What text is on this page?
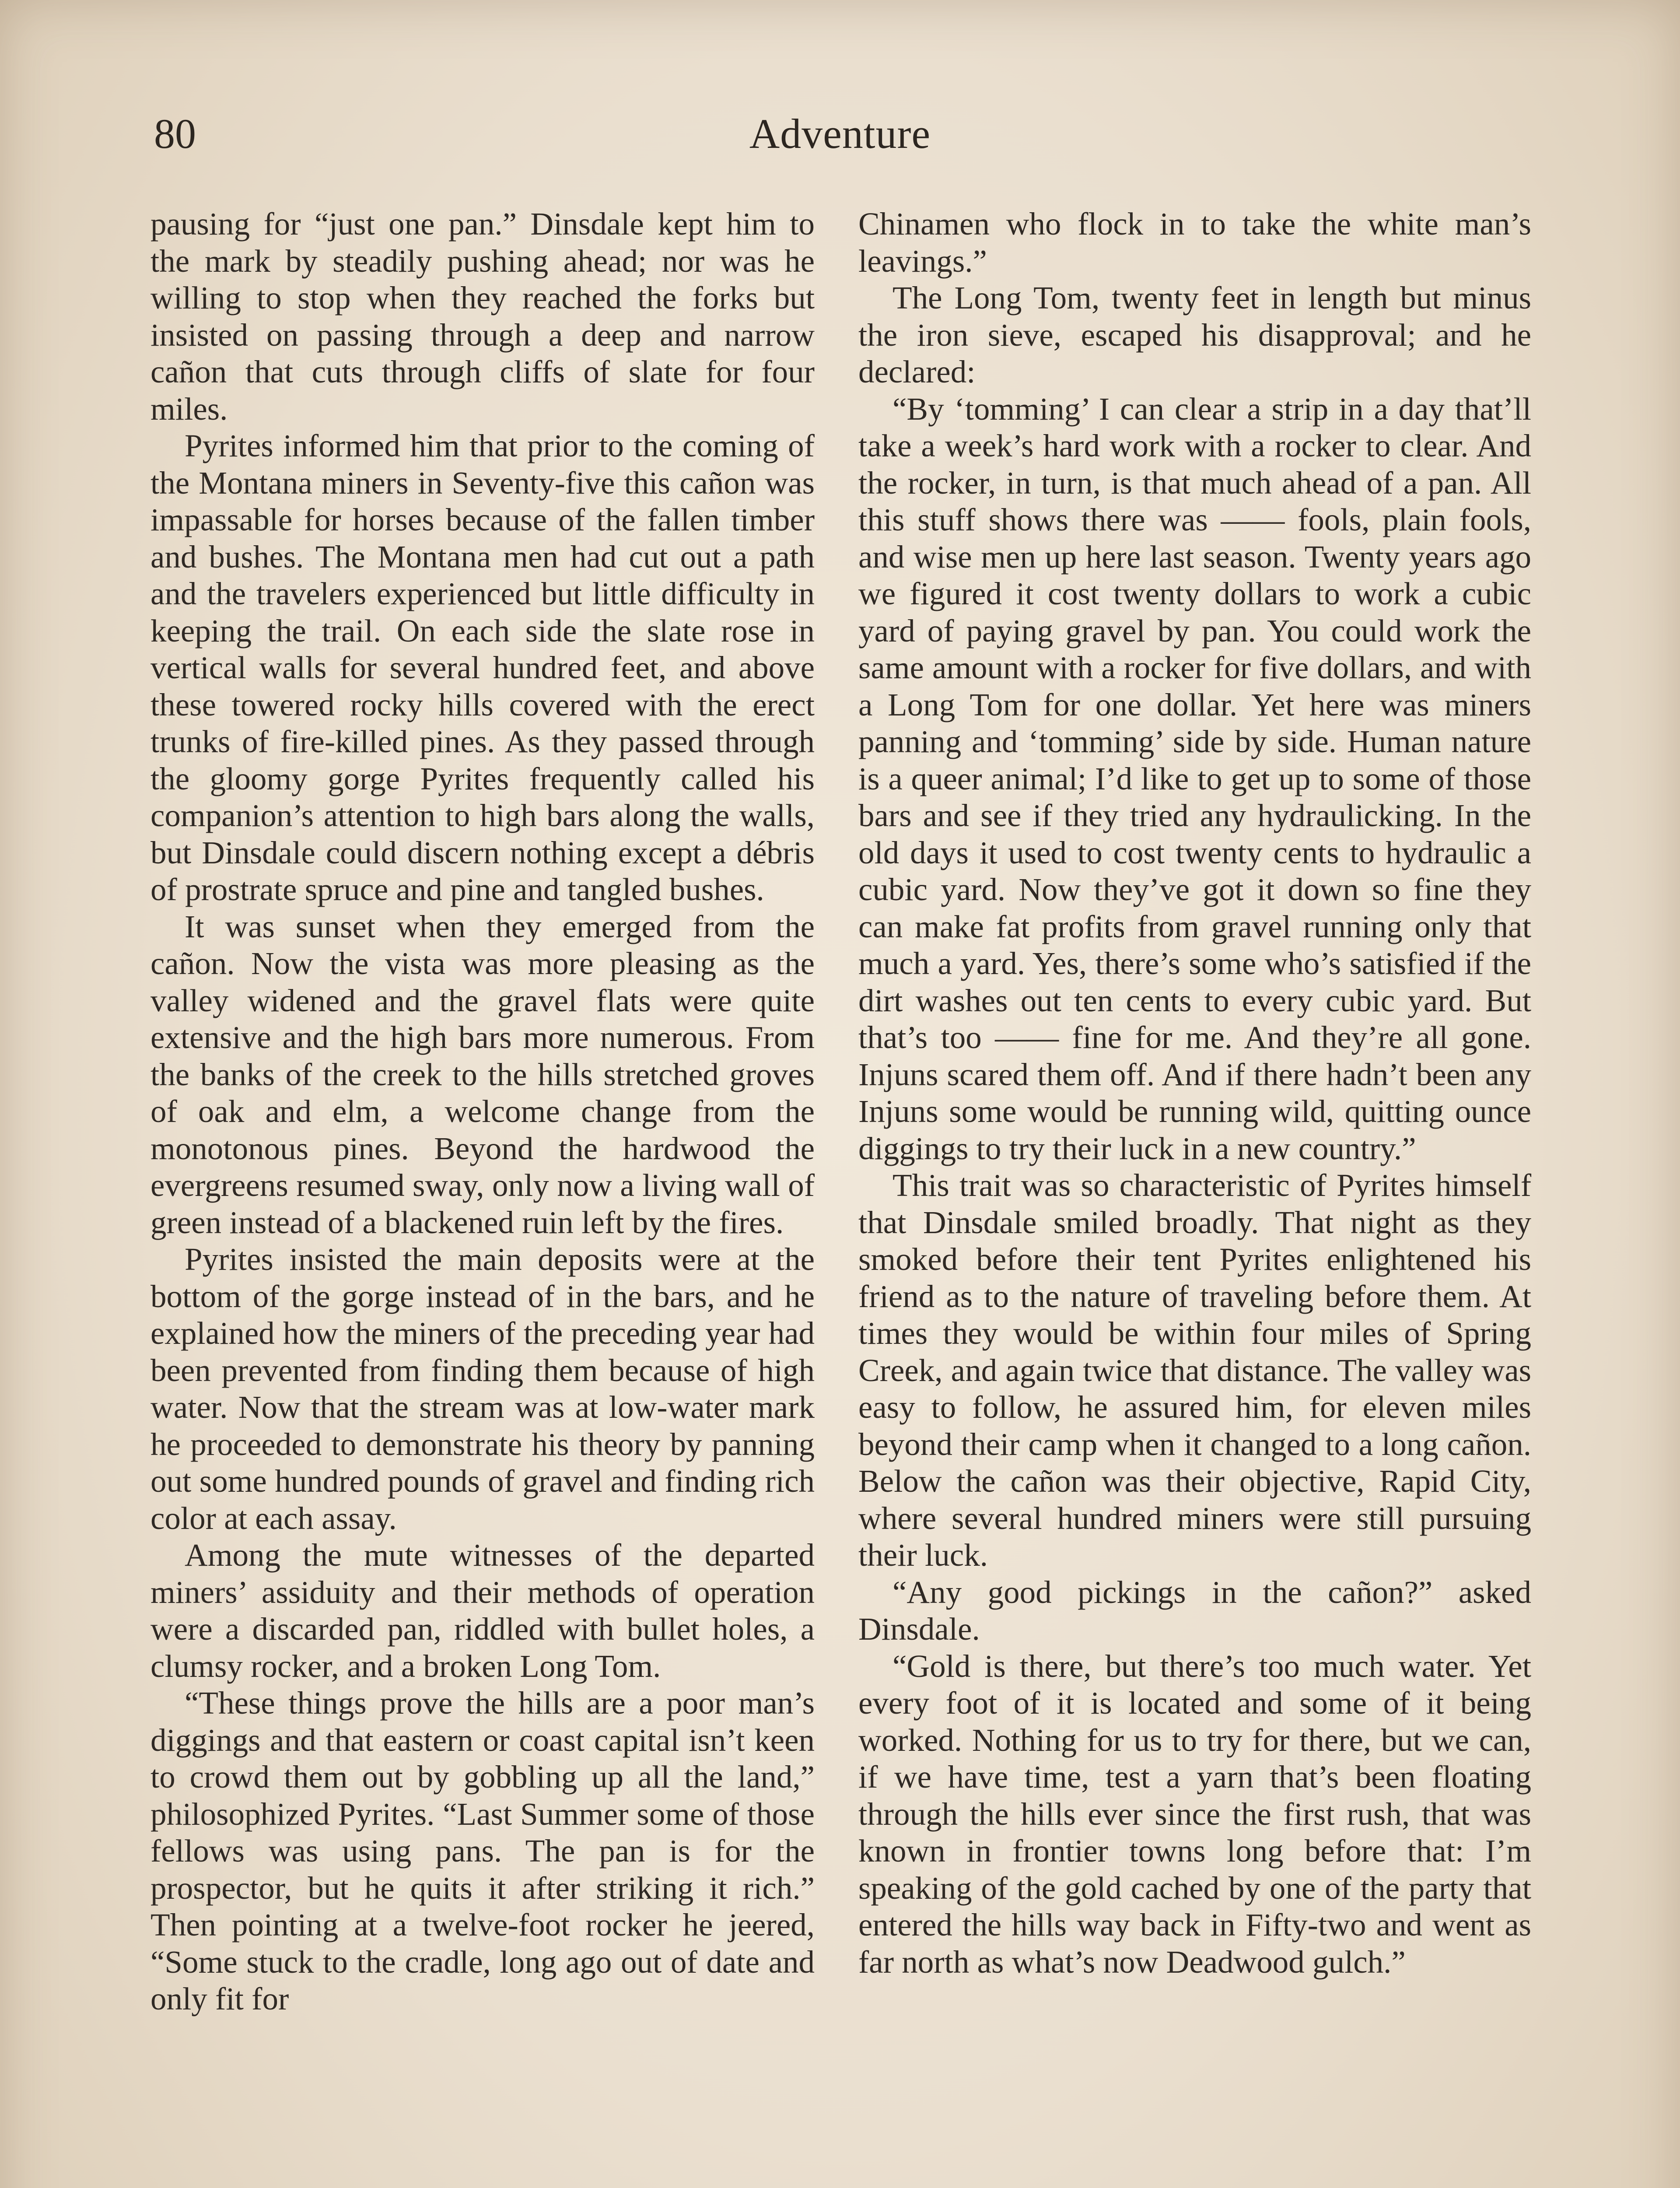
80	Adventure

pausing for “just one pan.” Dinsdale kept him to the mark by steadily pushing ahead; nor was he willing to stop when they reached the forks but insisted on passing through a deep and narrow cañon that cuts through cliffs of slate for four miles.

Pyrites informed him that prior to the coming of the Montana miners in Seventy-five this cañon was impassable for horses because of the fallen timber and bushes. The Montana men had cut out a path and the travelers experienced but little difficulty in keeping the trail. On each side the slate rose in vertical walls for several hundred feet, and above these towered rocky hills covered with the erect trunks of fire-killed pines. As they passed through the gloomy gorge Pyrites frequently called his companion’s attention to high bars along the walls, but Dinsdale could discern nothing except a débris of prostrate spruce and pine and tangled bushes.

It was sunset when they emerged from the cañon. Now the vista was more pleasing as the valley widened and the gravel flats were quite extensive and the high bars more numerous. From the banks of the creek to the hills stretched groves of oak and elm, a welcome change from the monotonous pines. Beyond the hardwood the evergreens resumed sway, only now a living wall of green instead of a blackened ruin left by the fires.

Pyrites insisted the main deposits were at the bottom of the gorge instead of in the bars, and he explained how the miners of the preceding year had been prevented from finding them because of high water. Now that the stream was at low-water mark he proceeded to demonstrate his theory by panning out some hundred pounds of gravel and finding rich color at each assay.

Among the mute witnesses of the departed miners’ assiduity and their methods of operation were a discarded pan, riddled with bullet holes, a clumsy rocker, and a broken Long Tom.

“These things prove the hills are a poor man’s diggings and that eastern or coast capital isn’t keen to crowd them out by gobbling up all the land,” philosophized Pyrites. “Last Summer some of those fellows was using pans. The pan is for the prospector, but he quits it after striking it rich.” Then pointing at a twelve-foot rocker he jeered, “Some stuck to the cradle, long ago out of date and only fit for

Chinamen who flock in to take the white man’s leavings.”

The Long Tom, twenty feet in length but minus the iron sieve, escaped his disapproval; and he declared:

“By ‘tomming’ I can clear a strip in a day that’ll take a week’s hard work with a rocker to clear. And the rocker, in turn, is that much ahead of a pan. All this stuff shows there was —— fools, plain fools, and wise men up here last season. Twenty years ago we figured it cost twenty dollars to work a cubic yard of paying gravel by pan. You could work the same amount with a rocker for five dollars, and with a Long Tom for one dollar. Yet here was miners panning and ‘tomming’ side by side. Human nature is a queer animal; I’d like to get up to some of those bars and see if they tried any hydraulicking. In the old days it used to cost twenty cents to hydraulic a cubic yard. Now they’ve got it down so fine they can make fat profits from gravel running only that much a yard. Yes, there’s some who’s satisfied if the dirt washes out ten cents to every cubic yard. But that’s too —— fine for me. And they’re all gone. Injuns scared them off. And if there hadn’t been any Injuns some would be running wild, quitting ounce diggings to try their luck in a new country.”

This trait was so characteristic of Pyrites himself that Dinsdale smiled broadly. That night as they smoked before their tent Pyrites enlightened his friend as to the nature of traveling before them. At times they would be within four miles of Spring Creek, and again twice that distance. The valley was easy to follow, he assured him, for eleven miles beyond their camp when it changed to a long cañon. Below the cañon was their objective, Rapid City, where several hundred miners were still pursuing their luck.

“Any good pickings in the cañon?” asked Dinsdale.

“Gold is there, but there’s too much water. Yet every foot of it is located and some of it being worked. Nothing for us to try for there, but we can, if we have time, test a yarn that’s been floating through the hills ever since the first rush, that was known in frontier towns long before that: I’m speaking of the gold cached by one of the party that entered the hills way back in Fifty-two and went as far north as what’s now Deadwood gulch.”
